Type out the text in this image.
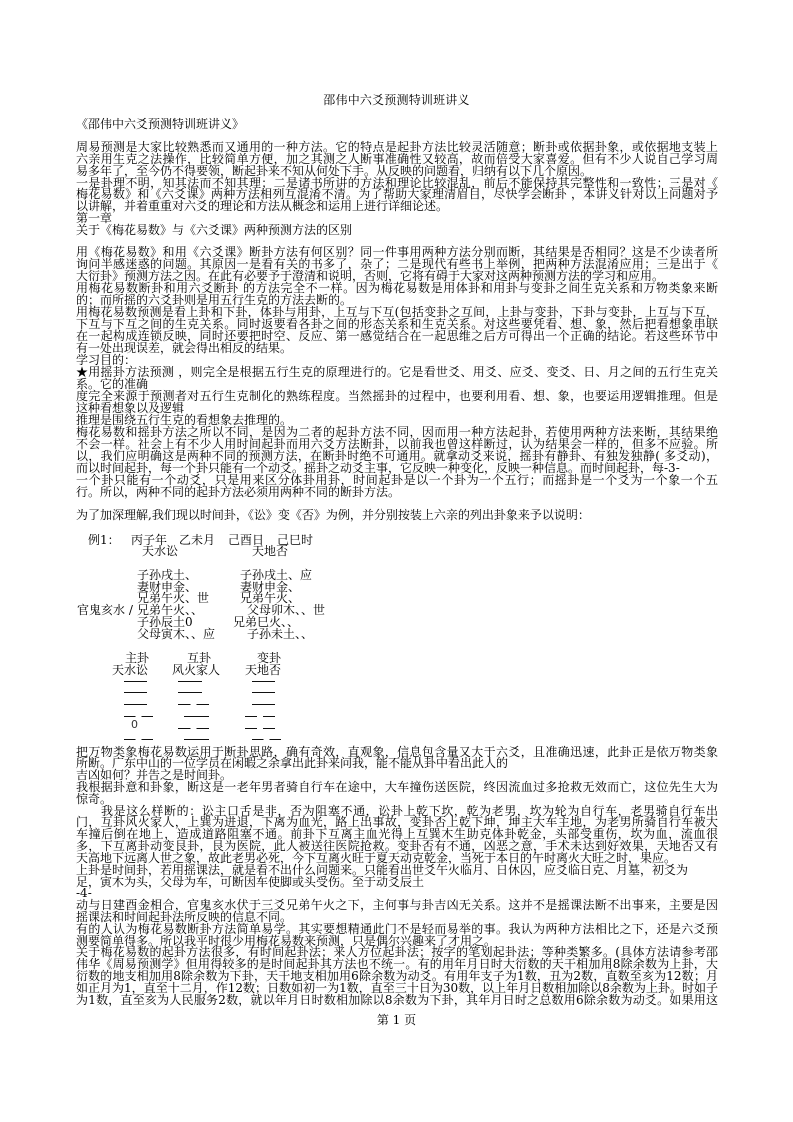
邵伟中六爻预测特训班讲义
《邵伟中六爻预测特训班讲义》
周易预测是大家比较熟悉而又通用的一种方法。它的特点是起卦方法比较灵活随意；断卦或依据卦象，或依据地支装上
六亲用生克之法操作，比较简单方便，加之其测之人断事准确性又较高，故而倍受大家喜爱。但有不少人说自己学习周
易多年了，至今仍不得要领，断起卦来不知从何处下手。从反映的问题看，归纳有以下几个原因。
一是卦理不明，知其法而不知其理；二是诸书所讲的方法和理论比较混乱，前后不能保持其完整性和一致性；三是对《
梅花易数》和《六爻课》两种方法相列互混淆不清。为了帮助大家理清眉目，尽快学会断卦 ，本讲义针对以上问题对予
以讲解，并着重重对六爻的理论和方法从概念和运用上进行详细论述。
第一章
关于《梅花易数》与《六爻课》两种预测方法的区别
用《梅花易数》和用《六爻课》断卦方法有何区别？同一件事用两种方法分别而断，其结果是否相同？这是不少读者所
询问半感迷惑的问题。其原因一是看有关的书多了，杂了；二是现代有些书上举例，把两种方法混淆应用；三是出于《
大衍卦》预测方法之因。在此有必要予于澄清和说明，否则，它将有碍于大家对这两种预测方法的学习和应用。
用梅花易数断卦和用六爻断卦 的方法完全不一样。因为梅花易数是用体卦和用卦与变卦之间生克关系和万物类象来断
的；而所摇的六爻卦则是用五行生克的方法去断的。
用梅花易数预测是看上卦和下卦，体卦与用卦，上互与下互(包括变卦之互间，上卦与变卦，下卦与变卦，上互与下互，
下互与下互之间的生克关系。同时返要看各卦之间的形态关系和生克关系。对这些要凭看、想、象，然后把看想象串联
在一起构成连锁反映，同时还要把时空、反应、第一感觉结合在一起思维之后方可得出一个正确的结论。若这些环节中
有一处出现误差，就会得出相反的结果。
学习目的：
★用摇卦方法预测 ，则完全是根据五行生克的原理进行的。它是看世爻、用爻、应爻、变爻、日、月之间的五行生克关
系。它的准确
度完全来源于预测者对五行生克制化的熟练程度。当然摇卦的过程中，也要利用看、想、象，也要运用逻辑推理。但是
这种看想象以及逻辑
推理是围绕五行生克的看想象去推理的。
梅花易数和摇卦方法之所以不同，是因为二者的起卦方法不同，因而用一种方法起卦，若使用两种方法来断，其结果绝
不会一样。社会上有不少人用时间起卦而用六爻方法断卦，以前我也曾这样断过，认为结果会一样的，但多不应验。所
以，我们应明确这是两种不同的预测方法，在断卦时绝不可通用。就拿动爻来说，摇卦有静卦、有独发独静( 多爻动)，
而以时间起卦，每一个卦只能有一个动爻。摇卦之动爻主事，它反映一种变化，反映一种信息。而时间起卦，每-3-
一个卦只能有一个动爻，只是用来区分体卦用卦，时间起卦是以一个卦为一个五行；而摇卦是一个爻为一个象一个五
行。所以，两种不同的起卦方法必须用两种不同的断卦方法。
为了加深理解,我们现以时间卦，《讼》变《否》为例，并分别按装上六亲的列出卦象来予以说明：
例1： 丙子年 乙未月 己酉日 己巳时
天水讼	天地否
子孙戌土、
妻财申金、
兄弟午火、世
官鬼亥水 / 兄弟午火、、
子孙辰土0
父母寅木、、应
子孙戌土、应
妻财申金、
兄弟午火、
父母卯木、、世
兄弟巳火、、
子孙未土、、
主卦
天水讼
互卦
风火家人
变卦
天地否
0
把万物类象梅花易数运用于断卦思路，确有奇效，直观象，信息包含量又大于六爻，且准确迅速，此卦正是依万物类象
所断。广东中山的一位学员在闲暇之余拿出此卦来问我，能不能从卦中看出此人的
吉凶如何？并告之是时间卦。
我根据卦意和卦象，断这是一老年男者骑自行车在途中，大车撞伤送医院，终因流血过多抢救无效而亡，这位先生大为
惊奇。
我是这么样断的：讼主口舌是非，否为阻塞不通，讼卦上乾下坎，乾为老男，坎为轮为自行车，老男骑自行车出
门，互卦风火家人，上巽为进退，下离为血光，路上出事故，变卦否上乾下坤，坤主大车主地，为老男所骑自行车被大
车撞后倒在地上，造成道路阻塞不通。前卦下互离主血光得上互巽木生助克体卦乾金，头部受重伤，坎为血，流血很
多，下互离卦动变艮卦，艮为医院，此人被送往医院抢救。变卦否有不通，凶恶之意，手术未达到好效果，天地否又有
天高地下远离人世之象，故此老男必死，今下互离火旺于夏天动克乾金，当死于本日的午时离火大旺之时，果应。
上卦是时间卦，若用摇课法，就是看不出什么问题来。只能看出世爻午火临月、日休囚，应爻临日克、月墓，初爻为
足，寅木为头，父母为车，可断因车使脚或头受伤。至于动爻辰土
-4-
动与日建酉金相合，官鬼亥水伏于三爻兄弟午火之下，主何事与卦吉凶无关系。这并不是摇课法断不出事来，主要是因
摇课法和时间起卦法所反映的信息不同。
有的人认为梅花易数断卦方法简单易学。其实要想精通此门不是轻而易举的事。我认为两种方法相比之下，还是六爻预
测要简单得多。所以我平时很少用梅花易数来预测，只是偶尔兴趣来了才用之。
关于梅花易数的起卦方法很多，有时间起卦法；来人方位起卦法；按字的笔划起卦法；等种类繁多。(具体方法请参考邵
伟华《周易预测学》但用得较多的是时间起卦其方法也不统一。有的用年月日时大衍数的天干相加用8除余数为上卦，大
衍数的地支相加用8除余数为下卦，天干地支相加用6除余数为动爻。有用年支子为1数，丑为2数，直数至亥为12数；月
如正月为1，直至十二月，作12数；日数如初一为1数，直至三十日为30数，以上年月日数相加除以8余数为上卦。时如子
为1数，直至亥为人民服务2数，就以年月日时数相加除以8余数为下卦，其年月日时之总数用6除余数为动爻。如果用这
第 1 页
